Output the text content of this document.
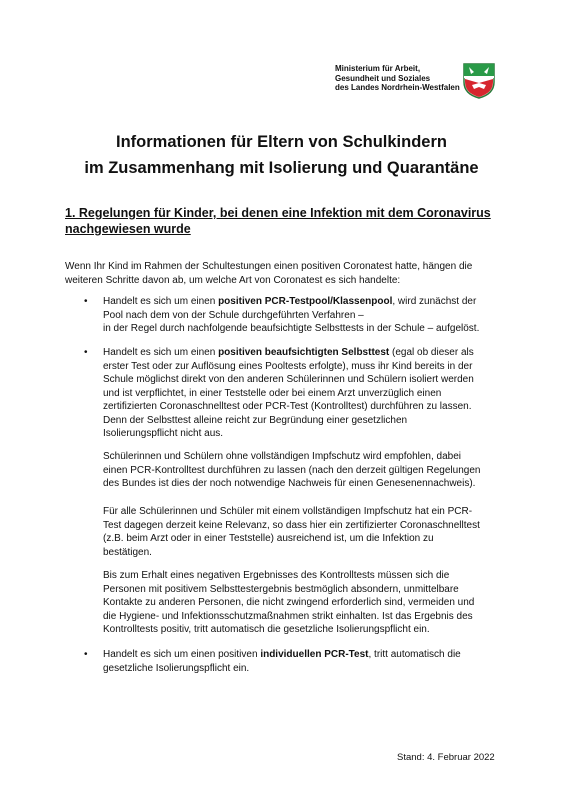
Ministerium für Arbeit,
Gesundheit und Soziales
des Landes Nordrhein-Westfalen
Informationen für Eltern von Schulkindern
im Zusammenhang mit Isolierung und Quarantäne
1. Regelungen für Kinder, bei denen eine Infektion mit dem Coronavirus nachgewiesen wurde
Wenn Ihr Kind im Rahmen der Schultestungen einen positiven Coronatest hatte, hängen die
weiteren Schritte davon ab, um welche Art von Coronatest es sich handelte:
• Handelt es sich um einen positiven PCR-Testpool/Klassenpool, wird zunächst der
Pool nach dem von der Schule durchgeführten Verfahren –
in der Regel durch nachfolgende beaufsichtigte Selbsttests in der Schule – aufgelöst.
• Handelt es sich um einen positiven beaufsichtigten Selbsttest (egal ob dieser als
erster Test oder zur Auflösung eines Pooltests erfolgte), muss ihr Kind bereits in der
Schule möglichst direkt von den anderen Schülerinnen und Schülern isoliert werden
und ist verpflichtet, in einer Teststelle oder bei einem Arzt unverzüglich einen
zertifizierten Coronaschnelltest oder PCR-Test (Kontrolltest) durchführen zu lassen.
Denn der Selbsttest alleine reicht zur Begründung einer gesetzlichen
Isolierungspflicht nicht aus.
Schülerinnen und Schülern ohne vollständigen Impfschutz wird empfohlen, dabei
einen PCR-Kontrolltest durchführen zu lassen (nach den derzeit gültigen Regelungen
des Bundes ist dies der noch notwendige Nachweis für einen Genesenennachweis).
Für alle Schülerinnen und Schüler mit einem vollständigen Impfschutz hat ein PCR-
Test dagegen derzeit keine Relevanz, so dass hier ein zertifizierter Coronaschnelltest
(z.B. beim Arzt oder in einer Teststelle) ausreichend ist, um die Infektion zu
bestätigen.
Bis zum Erhalt eines negativen Ergebnisses des Kontrolltests müssen sich die
Personen mit positivem Selbsttestergebnis bestmöglich absondern, unmittelbare
Kontakte zu anderen Personen, die nicht zwingend erforderlich sind, vermeiden und
die Hygiene- und Infektionsschutzmaßnahmen strikt einhalten. Ist das Ergebnis des
Kontrolltests positiv, tritt automatisch die gesetzliche Isolierungspflicht ein.
• Handelt es sich um einen positiven individuellen PCR-Test, tritt automatisch die
gesetzliche Isolierungspflicht ein.
Stand: 4. Februar 2022
